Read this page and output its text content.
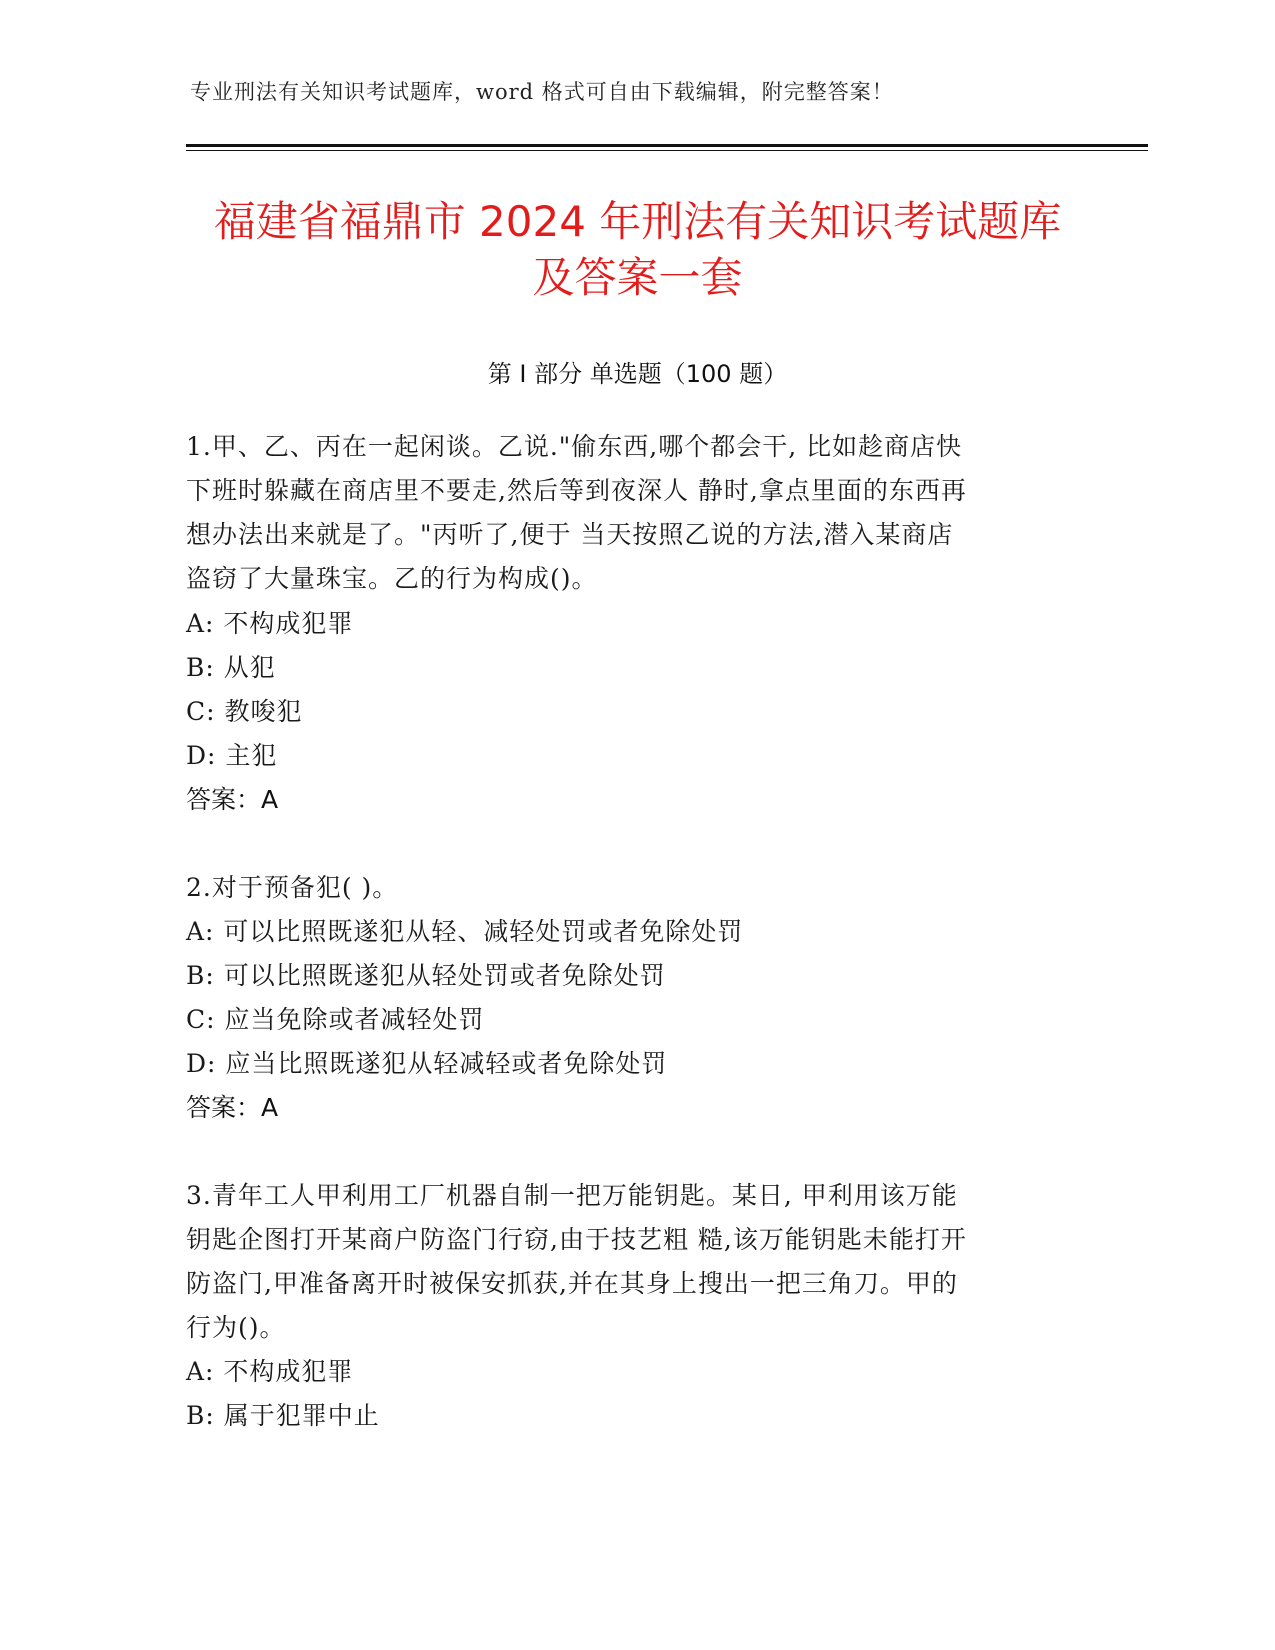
专业刑法有关知识考试题库，word 格式可自由下载编辑，附完整答案！
福建省福鼎市 2024 年刑法有关知识考试题库
及答案一套
第 I 部分 单选题（100 题）
1.甲、乙、丙在一起闲谈。乙说."偷东西,哪个都会干, 比如趁商店快
下班时躲藏在商店里不要走,然后等到夜深人 静时,拿点里面的东西再
想办法出来就是了。"丙听了,便于 当天按照乙说的方法,潜入某商店
盗窃了大量珠宝。乙的行为构成()。
A: 不构成犯罪
B: 从犯
C: 教唆犯
D: 主犯
答案：A
2.对于预备犯( )。
A: 可以比照既遂犯从轻、减轻处罚或者免除处罚
B: 可以比照既遂犯从轻处罚或者免除处罚
C: 应当免除或者减轻处罚
D: 应当比照既遂犯从轻减轻或者免除处罚
答案：A
3.青年工人甲利用工厂机器自制一把万能钥匙。某日, 甲利用该万能
钥匙企图打开某商户防盗门行窃,由于技艺粗 糙,该万能钥匙未能打开
防盗门,甲准备离开时被保安抓获,并在其身上搜出一把三角刀。甲的
行为()。
A: 不构成犯罪
B: 属于犯罪中止
